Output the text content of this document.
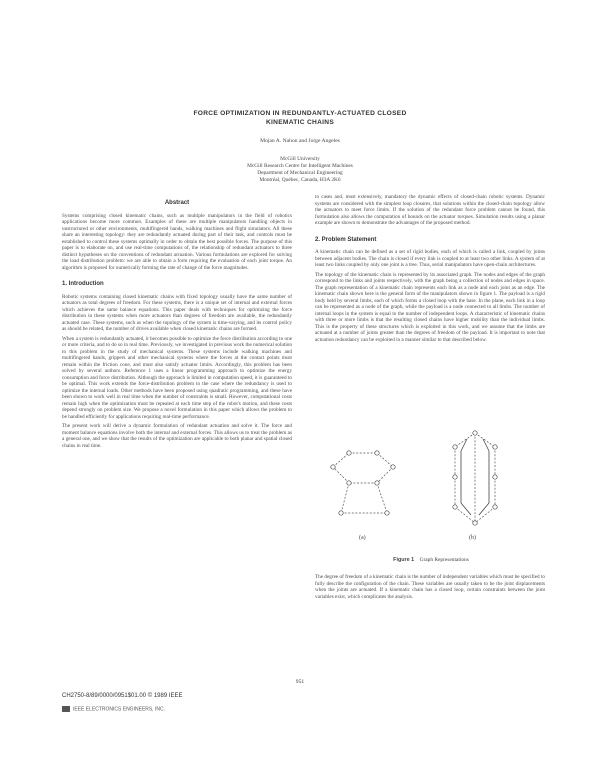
FORCE OPTIMIZATION IN REDUNDANTLY-ACTUATED CLOSED
KINEMATIC CHAINS
Mojan A. Nahon and Jorge Angeles
McGill University
McGill Research Centre for Intelligent Machines
Department of Mechanical Engineering
Montréal, Québec, Canada, H3A 2K6
Abstract

Systems comprising closed kinematic chains, such as multiple manipulators in the field of robotics applications become more common. Examples of these are multiple manipulators handling objects in unstructured or other environments, multifingered hands, walking machines and flight simulators. All these share an interesting topology: they are redundantly actuated during part of their task, and controls must be established to control these systems optimally in order to obtain the best possible forces. The purpose of this paper is to elaborate on, and use real-time computations of, the relationship of redundant actuators to three distinct hypotheses on the conventions of redundant actuation. Various formulations are explored for solving the load distribution problem: we are able to obtain a form requiring the evaluation of each joint torque. An algorithm is proposed for numerically forming the rate of change of the force magnitudes.

1. Introduction

Robotic systems containing closed kinematic chains with fixed topology usually have the same number of actuators as total degrees of freedom. For these systems, there is a unique set of internal and external forces which achieves the same balance equations. This paper deals with techniques for optimizing the force distribution in these systems when more actuators than degrees of freedom are available, the redundantly actuated case. These systems, such as when the topology of the system is time-varying, and its control policy as should be related, the number of drives available when closed kinematic chains are formed.

When a system is redundantly actuated, it becomes possible to optimize the force distribution according to one or more criteria, and to do so in real time. Previously, we investigated in previous work the numerical solution to this problem in the study of mechanical systems. These systems include walking machines and multifingered hands, grippers and other mechanical systems where the forces at the contact points must remain within the friction cone, and must also satisfy actuator limits. Accordingly, this problem has been solved by several authors. Reference 1 uses a linear programming approach to optimize the energy consumption and force distribution. Although the approach is limited in computation speed, it is guaranteed to be optimal. This work extends the force-distribution problem to the case where the redundancy is used to optimize the internal loads. Other methods have been proposed using quadratic programming, and these have been shown to work well in real time when the number of constraints is small. However, computational costs remain high when the optimization must be repeated at each time step of the robot's motion, and these costs depend strongly on problem size. We propose a novel formulation in this paper which allows the problem to be handled efficiently for applications requiring real-time performance.

The present work will derive a dynamic formulation of redundant actuation and solve it. The force and moment balance equations involve both the internal and external forces. This allows us to treat the problem as a general one, and we show that the results of the optimization are applicable to both planar and spatial closed chains in real time.

to cases and, most extensively, mandatory the dynamic effects of closed-chain robotic systems. Dynamic systems are considered with the simplest loop closures, that solutions within the closed-chain topology allow the actuators to meet force limits. If the solution of the redundant force problem cannot be found, this formulation also allows the computation of bounds on the actuator torques. Simulation results using a planar example are shown to demonstrate the advantages of the proposed method.

2. Problem Statement

A kinematic chain can be defined as a set of rigid bodies, each of which is called a link, coupled by joints between adjacent bodies. The chain is closed if every link is coupled to at least two other links. A system of at least two links coupled by only one joint is a tree. Thus, serial manipulators have open-chain architectures.

The topology of the kinematic chain is represented by its associated graph. The nodes and edges of the graph correspond to the links and joints respectively, with the graph being a collection of nodes and edges in space. The graph representation of a kinematic chain represents each link as a node and each joint as an edge. The kinematic chain shown here is the general form of the manipulators shown in figure 1. The payload is a rigid body held by several limbs, each of which forms a closed loop with the base. In the plane, each link in a loop can be represented as a node of the graph, while the payload is a node connected to all limbs. The number of internal loops in the system is equal to the number of independent loops. A characteristic of kinematic chains with three or more limbs is that the resulting closed chains have higher mobility than the individual limbs. This is the property of these structures which is exploited in this work, and we assume that the limbs are actuated at a number of joints greater than the degrees of freedom of the payload. It is important to note that actuation redundancy can be exploited in a manner similar to that described below.

(a)	(b)
Figure 1 Graph Representations

The degree of freedom of a kinematic chain is the number of independent variables which must be specified to fully describe the configuration of the chain. These variables are usually taken to be the joint displacements when the joints are actuated. If a kinematic chain has a closed loop, certain constraints between the joint variables exist, which complicates the analysis.

951
CH2750-8/89/0000/0951$01.00 © 1989 IEEE
IEEE ELECTRONICS ENGINEERS, INC.
